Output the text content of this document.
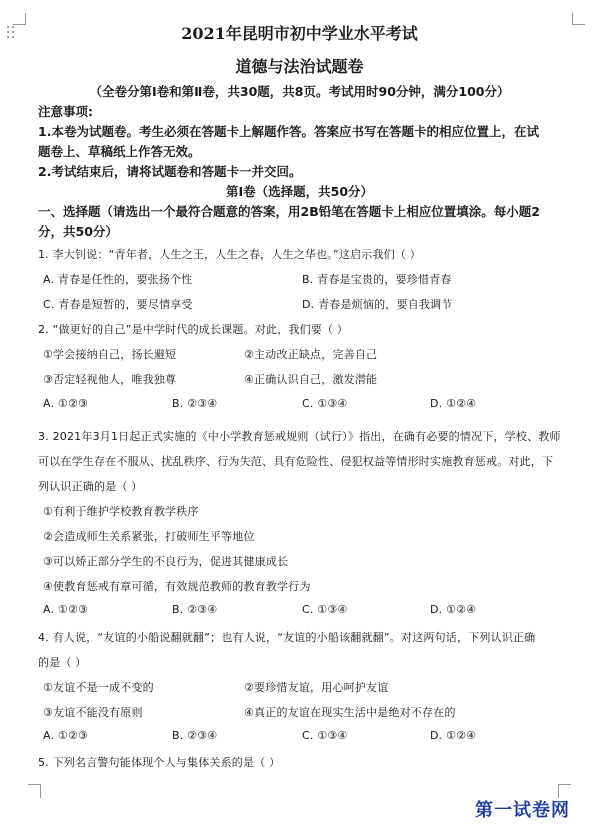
2021年昆明市初中学业水平考试
道德与法治试题卷
（全卷分第Ⅰ卷和第Ⅱ卷，共30题，共8页。考试用时90分钟，满分100分）
注意事项:
1.本卷为试题卷。考生必须在答题卡上解题作答。答案应书写在答题卡的相应位置上，在试
题卷上、草稿纸上作答无效。
2.考试结束后，请将试题卷和答题卡一并交回。
第Ⅰ卷（选择题，共50分）
一、选择题（请选出一个最符合题意的答案，用2B铅笔在答题卡上相应位置填涂。每小题2
分，共50分）
1. 李大钊说：“青年者，人生之王，人生之春，人生之华也。”这启示我们（ ）
A. 青春是任性的，要张扬个性	B. 青春是宝贵的，要珍惜青春
C. 青春是短暂的，要尽情享受	D. 青春是烦恼的，要自我调节
2. “做更好的自己”是中学时代的成长课题。对此，我们要（ ）
①学会接纳自己，扬长避短	②主动改正缺点，完善自己
③否定轻视他人，唯我独尊	④正确认识自己，激发潜能
A. ①②③	B. ②③④	C. ①③④	D. ①②④
3. 2021年3月1日起正式实施的《中小学教育惩戒规则（试行）》指出，在确有必要的情况下，学校、教师
可以在学生存在不服从、扰乱秩序、行为失范、具有危险性、侵犯权益等情形时实施教育惩戒。对此，下
列认识正确的是（ ）
①有利于维护学校教育教学秩序
②会造成师生关系紧张，打破师生平等地位
③可以矫正部分学生的不良行为，促进其健康成长
④使教育惩戒有章可循，有效规范教师的教育教学行为
A. ①②③	B. ②③④	C. ①③④	D. ①②④
4. 有人说，“友谊的小船说翻就翻”；也有人说，“友谊的小船该翻就翻”。对这两句话，下列认识正确
的是（ ）
①友谊不是一成不变的	②要珍惜友谊，用心呵护友谊
③友谊不能没有原则	④真正的友谊在现实生活中是绝对不存在的
A. ①②③	B. ②③④	C. ①③④	D. ①②④
5. 下列名言警句能体现个人与集体关系的是（ ）
第一试卷网
